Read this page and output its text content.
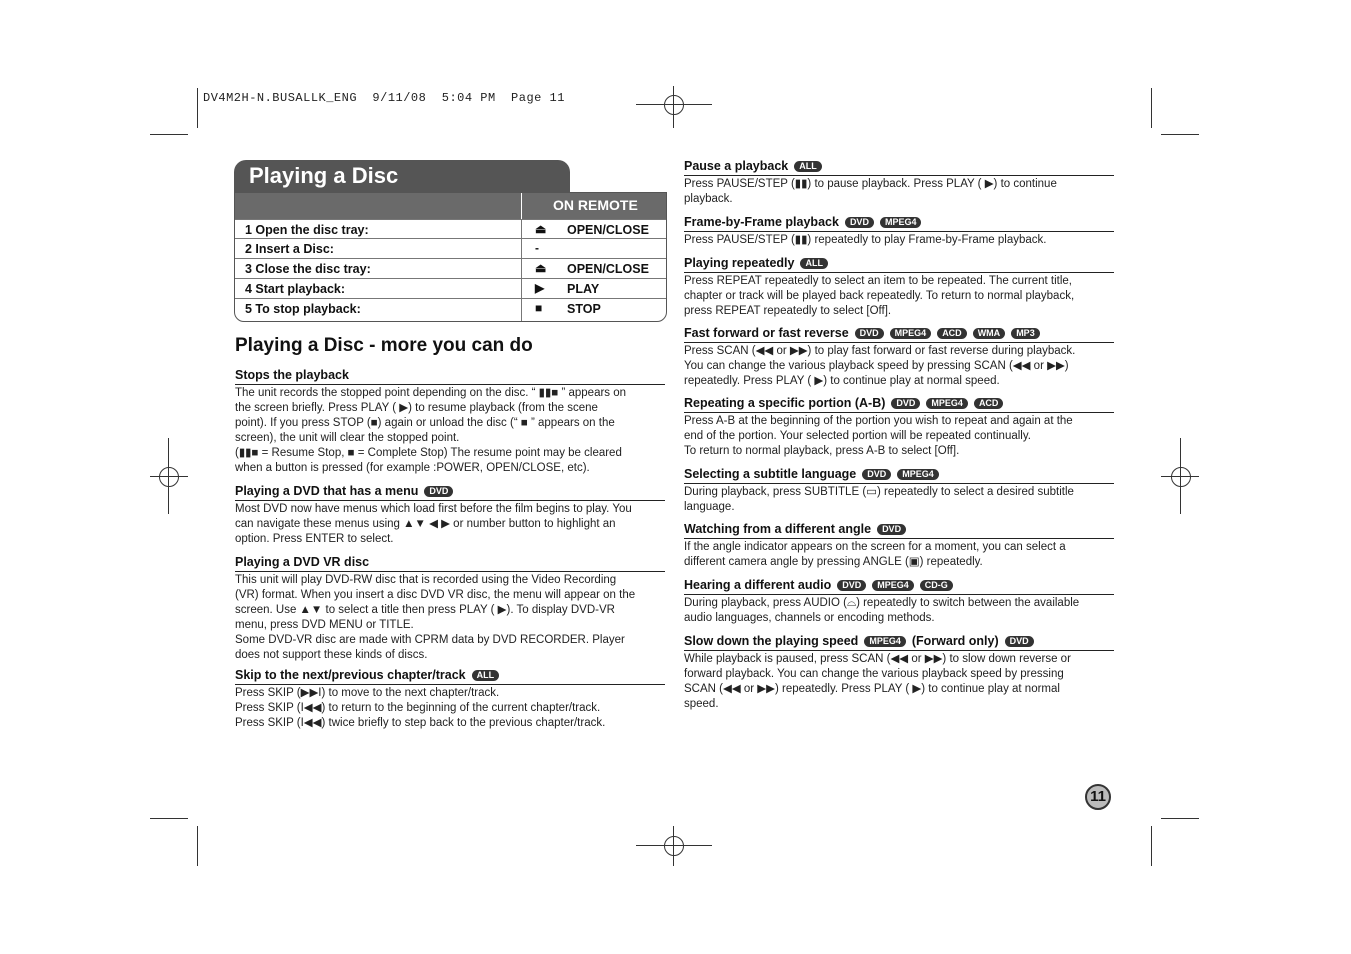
DV4M2H-N.BUSALLK_ENG  9/11/08  5:04 PM  Page 11
Playing a Disc
ON REMOTE
1 Open the disc tray:	⏏ OPEN/CLOSE
2 Insert a Disc:	-
3 Close the disc tray:	⏏ OPEN/CLOSE
4 Start playback:	▶ PLAY
5 To stop playback:	■ STOP
Playing a Disc - more you can do
Stops the playback
The unit records the stopped point depending on the disc. “ ▮▮■ ” appears on
the screen briefly. Press PLAY ( ▶) to resume playback (from the scene
point). If you press STOP (■) again or unload the disc (“ ■ ” appears on the
screen), the unit will clear the stopped point.
(▮▮■ = Resume Stop, ■ = Complete Stop) The resume point may be cleared
when a button is pressed (for example :POWER, OPEN/CLOSE, etc).
Playing a DVD that has a menu DVD
Most DVD now have menus which load first before the film begins to play. You
can navigate these menus using ▲▼ ◀ ▶ or number button to highlight an
option. Press ENTER to select.
Playing a DVD VR disc
This unit will play DVD-RW disc that is recorded using the Video Recording
(VR) format. When you insert a disc DVD VR disc, the menu will appear on the
screen. Use ▲▼ to select a title then press PLAY ( ▶). To display DVD-VR
menu, press DVD MENU or TITLE.
Some DVD-VR disc are made with CPRM data by DVD RECORDER. Player
does not support these kinds of discs.
Skip to the next/previous chapter/track ALL
Press SKIP (▶▶I) to move to the next chapter/track.
Press SKIP (I◀◀) to return to the beginning of the current chapter/track.
Press SKIP (I◀◀) twice briefly to step back to the previous chapter/track.
Pause a playback ALL
Press PAUSE/STEP (▮▮) to pause playback. Press PLAY ( ▶) to continue
playback.
Frame-by-Frame playback DVD MPEG4
Press PAUSE/STEP (▮▮) repeatedly to play Frame-by-Frame playback.
Playing repeatedly ALL
Press REPEAT repeatedly to select an item to be repeated. The current title,
chapter or track will be played back repeatedly. To return to normal playback,
press REPEAT repeatedly to select [Off].
Fast forward or fast reverse DVD MPEG4 ACD WMA MP3
Press SCAN (◀◀ or ▶▶) to play fast forward or fast reverse during playback.
You can change the various playback speed by pressing SCAN (◀◀ or ▶▶)
repeatedly. Press PLAY ( ▶) to continue play at normal speed.
Repeating a specific portion (A-B) DVD MPEG4 ACD
Press A-B at the beginning of the portion you wish to repeat and again at the
end of the portion. Your selected portion will be repeated continually.
To return to normal playback, press A-B to select [Off].
Selecting a subtitle language DVD MPEG4
During playback, press SUBTITLE (▭) repeatedly to select a desired subtitle
language.
Watching from a different angle DVD
If the angle indicator appears on the screen for a moment, you can select a
different camera angle by pressing ANGLE (▣) repeatedly.
Hearing a different audio DVD MPEG4 CD-G
During playback, press AUDIO (⌓) repeatedly to switch between the available
audio languages, channels or encoding methods.
Slow down the playing speed MPEG4 (Forward only) DVD
While playback is paused, press SCAN (◀◀ or ▶▶) to slow down reverse or
forward playback. You can change the various playback speed by pressing
SCAN (◀◀ or ▶▶) repeatedly. Press PLAY ( ▶) to continue play at normal
speed.
11
